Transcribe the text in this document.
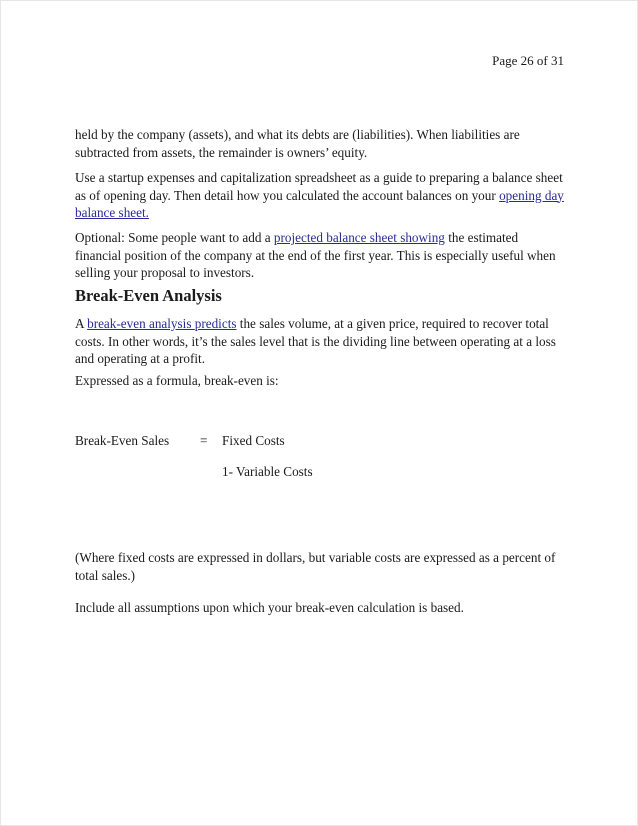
Page 26 of 31

held by the company (assets), and what its debts are (liabilities). When liabilities are subtracted from assets, the remainder is owners’ equity.

Use a startup expenses and capitalization spreadsheet as a guide to preparing a balance sheet as of opening day. Then detail how you calculated the account balances on your opening day balance sheet.

Optional: Some people want to add a projected balance sheet showing the estimated financial position of the company at the end of the first year. This is especially useful when selling your proposal to investors.

Break-Even Analysis

A break-even analysis predicts the sales volume, at a given price, required to recover total costs. In other words, it’s the sales level that is the dividing line between operating at a loss and operating at a profit.

Expressed as a formula, break-even is:

Break-Even Sales = Fixed Costs
1- Variable Costs

(Where fixed costs are expressed in dollars, but variable costs are expressed as a percent of total sales.)

Include all assumptions upon which your break-even calculation is based.
